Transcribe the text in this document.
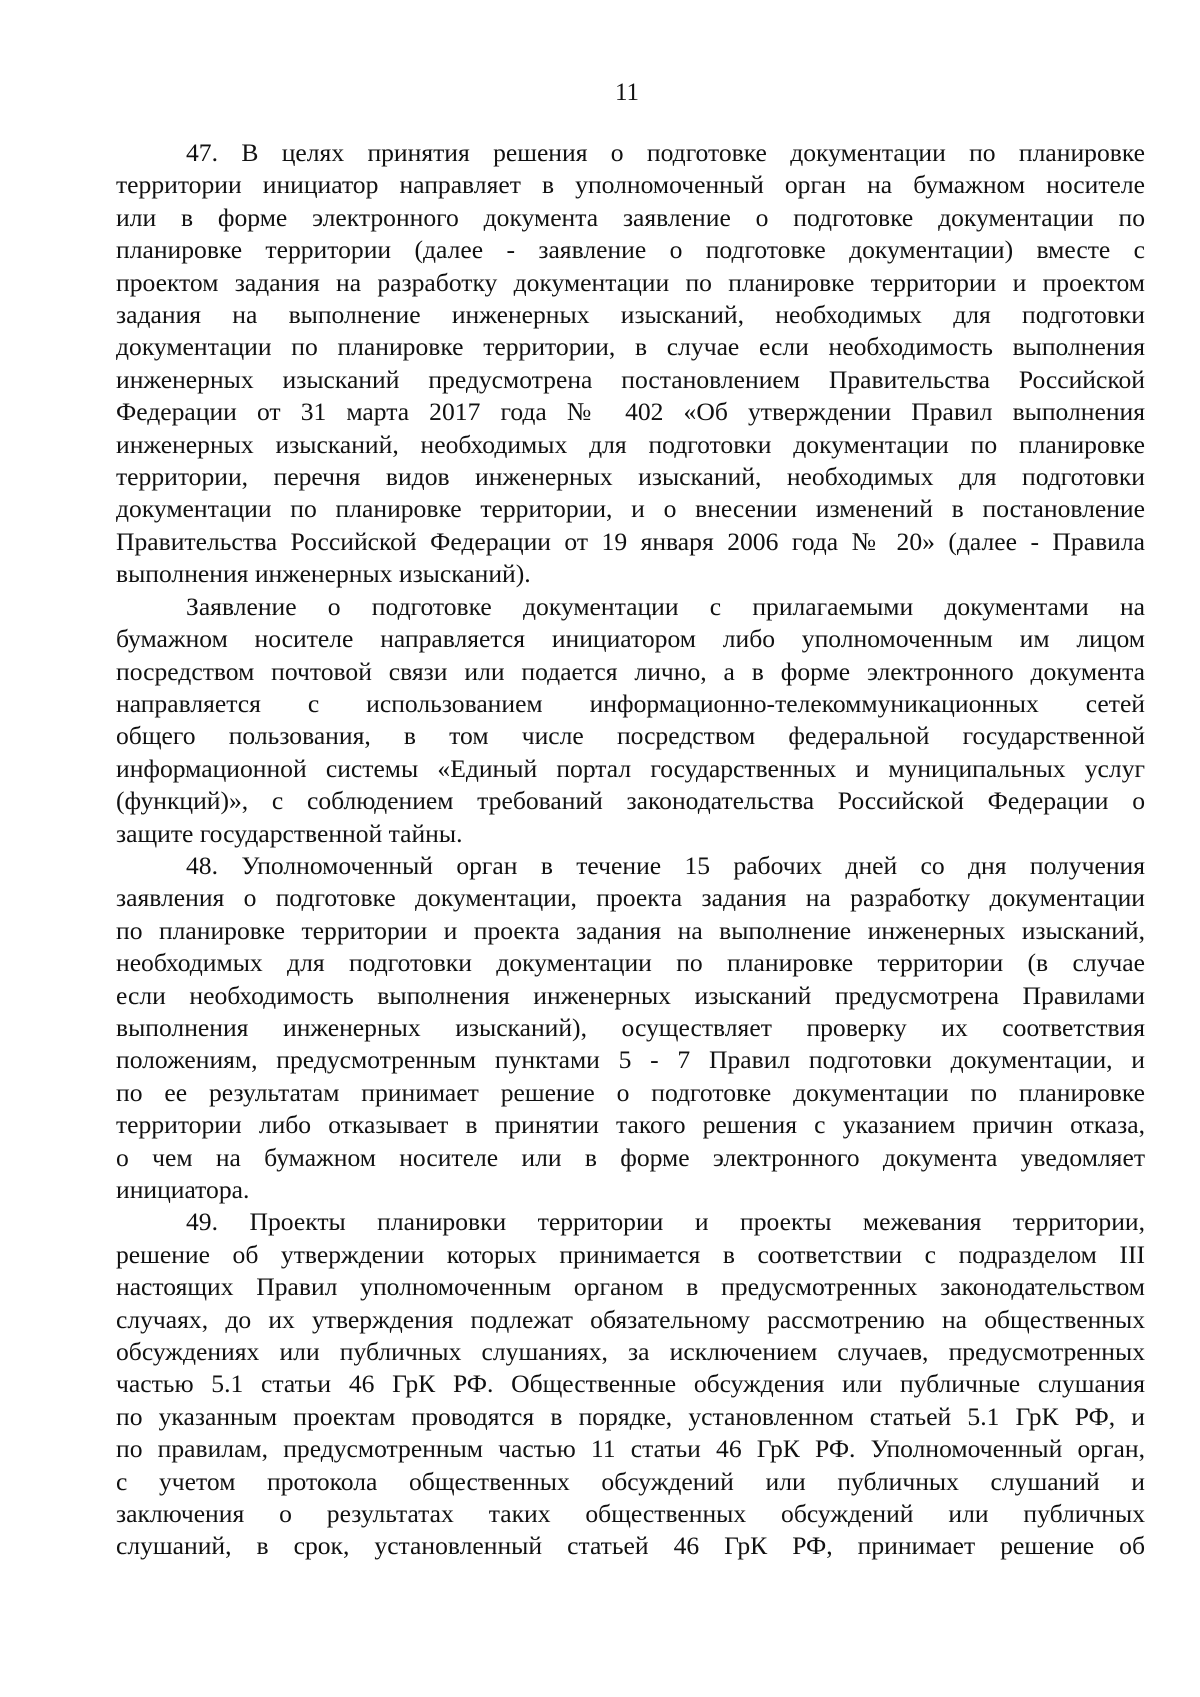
11
47. В целях принятия решения о подготовке документации по планировке
территории инициатор направляет в уполномоченный орган на бумажном носителе
или в форме электронного документа заявление о подготовке документации по
планировке территории (далее - заявление о подготовке документации) вместе с
проектом задания на разработку документации по планировке территории и проектом
задания на выполнение инженерных изысканий, необходимых для подготовки
документации по планировке территории, в случае если необходимость выполнения
инженерных изысканий предусмотрена постановлением Правительства Российской
Федерации от 31 марта 2017 года № 402 «Об утверждении Правил выполнения
инженерных изысканий, необходимых для подготовки документации по планировке
территории, перечня видов инженерных изысканий, необходимых для подготовки
документации по планировке территории, и о внесении изменений в постановление
Правительства Российской Федерации от 19 января 2006 года № 20» (далее - Правила
выполнения инженерных изысканий).
Заявление о подготовке документации с прилагаемыми документами на
бумажном носителе направляется инициатором либо уполномоченным им лицом
посредством почтовой связи или подается лично, а в форме электронного документа
направляется с использованием информационно-телекоммуникационных сетей
общего пользования, в том числе посредством федеральной государственной
информационной системы «Единый портал государственных и муниципальных услуг
(функций)», с соблюдением требований законодательства Российской Федерации о
защите государственной тайны.
48. Уполномоченный орган в течение 15 рабочих дней со дня получения
заявления о подготовке документации, проекта задания на разработку документации
по планировке территории и проекта задания на выполнение инженерных изысканий,
необходимых для подготовки документации по планировке территории (в случае
если необходимость выполнения инженерных изысканий предусмотрена Правилами
выполнения инженерных изысканий), осуществляет проверку их соответствия
положениям, предусмотренным пунктами 5 - 7 Правил подготовки документации, и
по ее результатам принимает решение о подготовке документации по планировке
территории либо отказывает в принятии такого решения с указанием причин отказа,
о чем на бумажном носителе или в форме электронного документа уведомляет
инициатора.
49. Проекты планировки территории и проекты межевания территории,
решение об утверждении которых принимается в соответствии с подразделом III
настоящих Правил уполномоченным органом в предусмотренных законодательством
случаях, до их утверждения подлежат обязательному рассмотрению на общественных
обсуждениях или публичных слушаниях, за исключением случаев, предусмотренных
частью 5.1 статьи 46 ГрК РФ. Общественные обсуждения или публичные слушания
по указанным проектам проводятся в порядке, установленном статьей 5.1 ГрК РФ, и
по правилам, предусмотренным частью 11 статьи 46 ГрК РФ. Уполномоченный орган,
с учетом протокола общественных обсуждений или публичных слушаний и
заключения о результатах таких общественных обсуждений или публичных
слушаний, в срок, установленный статьей 46 ГрК РФ, принимает решение об
